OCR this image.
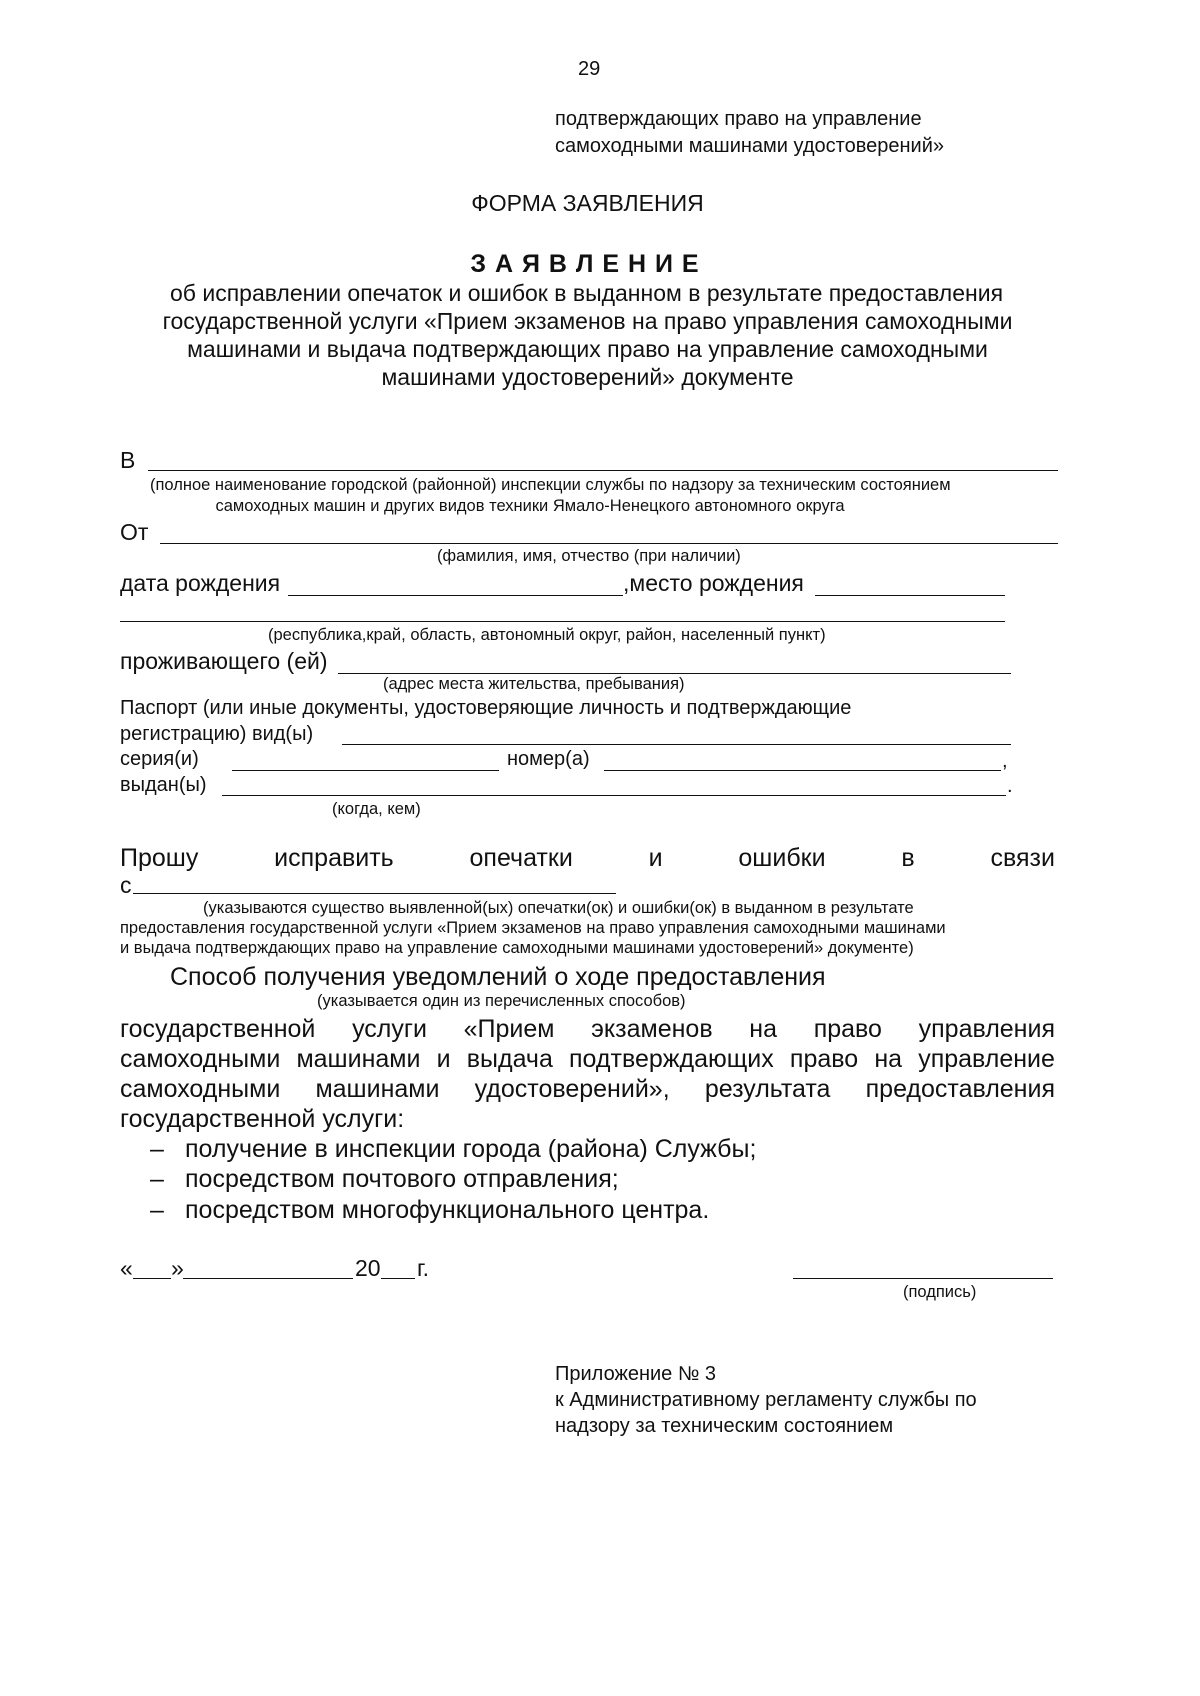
29
подтверждающих право на управление
самоходными машинами удостоверений»
ФОРМА ЗАЯВЛЕНИЯ
З А Я В Л Е Н И Е
об исправлении опечаток и ошибок в выданном в результате предоставления
государственной услуги «Прием экзаменов на право управления самоходными
машинами и выдача подтверждающих право на управление самоходными
машинами удостоверений» документе
В
(полное наименование городской (районной) инспекции службы по надзору за техническим состоянием
самоходных машин и других видов техники Ямало-Ненецкого автономного округа
От
(фамилия, имя, отчество (при наличии)
дата рождения	,место рождения
(республика,край, область, автономный округ, район, населенный пункт)
проживающего (ей)
(адрес места жительства, пребывания)
Паспорт (или иные документы, удостоверяющие личность и подтверждающие
регистрацию) вид(ы)
серия(и)	номер(а)	,
выдан(ы)	.
(когда, кем)
Прошу	исправить	опечатки	и	ошибки	в	связи
с
(указываются существо выявленной(ых) опечатки(ок) и ошибки(ок) в выданном в результате
предоставления государственной услуги «Прием экзаменов на право управления самоходными машинами
и выдача подтверждающих право на управление самоходными машинами удостоверений» документе)
Способ получения уведомлений о ходе предоставления
(указывается один из перечисленных способов)
государственной услуги «Прием экзаменов на право управления
самоходными машинами и выдача подтверждающих право на управление
самоходными машинами удостоверений», результата предоставления
государственной услуги:
– получение в инспекции города (района) Службы;
– посредством почтового отправления;
– посредством многофункционального центра.
« »	20 г.
(подпись)
Приложение № 3
к Административному регламенту службы по
надзору за техническим состоянием
